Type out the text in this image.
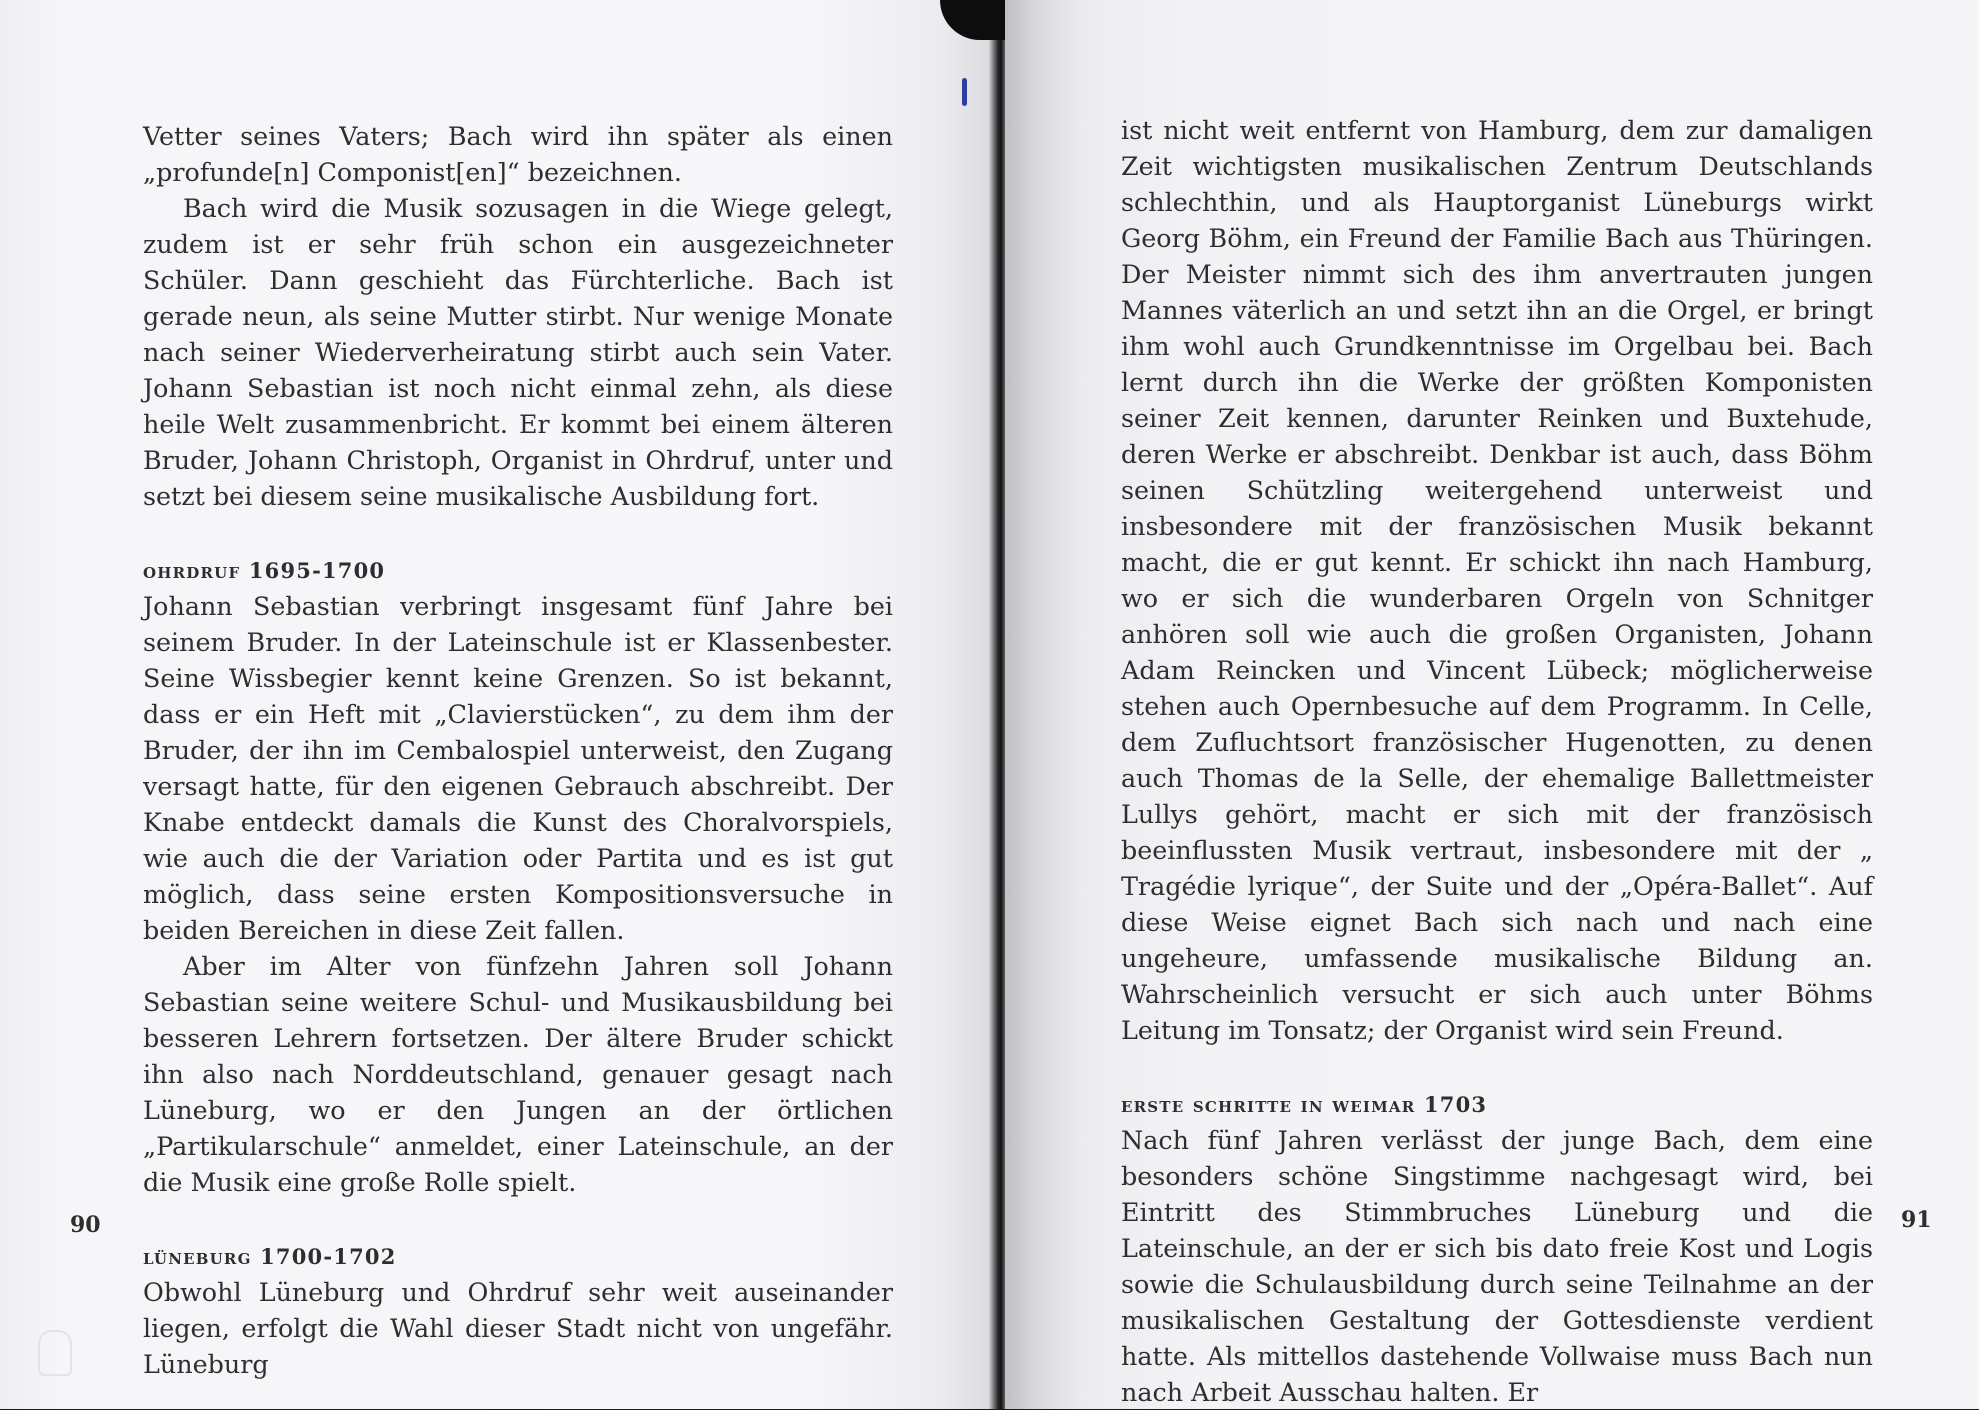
Vetter seines Vaters; Bach wird ihn später als einen „profunde[n] Componist[en]“ bezeichnen.

Bach wird die Musik sozusagen in die Wiege gelegt, zudem ist er sehr früh schon ein ausgezeichneter Schüler. Dann geschieht das Fürchterliche. Bach ist gerade neun, als seine Mutter stirbt. Nur wenige Monate nach seiner Wiederverheiratung stirbt auch sein Vater. Johann Sebastian ist noch nicht einmal zehn, als diese heile Welt zusammenbricht. Er kommt bei einem älteren Bruder, Johann Christoph, Organist in Ohrdruf, unter und setzt bei diesem seine musikalische Ausbildung fort.

ohrdruf 1695-1700

Johann Sebastian verbringt insgesamt fünf Jahre bei seinem Bruder. In der Lateinschule ist er Klassenbester. Seine Wissbegier kennt keine Grenzen. So ist bekannt, dass er ein Heft mit „Clavierstücken“, zu dem ihm der Bruder, der ihn im Cembalospiel unterweist, den Zugang versagt hatte, für den eigenen Gebrauch abschreibt. Der Knabe entdeckt damals die Kunst des Choralvorspiels, wie auch die der Variation oder Partita und es ist gut möglich, dass seine ersten Kompositionsversuche in beiden Bereichen in diese Zeit fallen.

Aber im Alter von fünfzehn Jahren soll Johann Sebastian seine weitere Schul- und Musikausbildung bei besseren Lehrern fortsetzen. Der ältere Bruder schickt ihn also nach Norddeutschland, genauer gesagt nach Lüneburg, wo er den Jungen an der örtlichen „Partikularschule“ anmeldet, einer Lateinschule, an der die Musik eine große Rolle spielt.

lüneburg 1700-1702

Obwohl Lüneburg und Ohrdruf sehr weit auseinander liegen, erfolgt die Wahl dieser Stadt nicht von ungefähr. Lüneburg

90

ist nicht weit entfernt von Hamburg, dem zur damaligen Zeit wichtigsten musikalischen Zentrum Deutschlands schlechthin, und als Hauptorganist Lüneburgs wirkt Georg Böhm, ein Freund der Familie Bach aus Thüringen. Der Meister nimmt sich des ihm anvertrauten jungen Mannes väterlich an und setzt ihn an die Orgel, er bringt ihm wohl auch Grundkenntnisse im Orgelbau bei. Bach lernt durch ihn die Werke der größten Komponisten seiner Zeit kennen, darunter Reinken und Buxtehude, deren Werke er abschreibt. Denkbar ist auch, dass Böhm seinen Schützling weitergehend unterweist und insbesondere mit der französischen Musik bekannt macht, die er gut kennt. Er schickt ihn nach Hamburg, wo er sich die wunderbaren Orgeln von Schnitger anhören soll wie auch die großen Organisten, Johann Adam Reincken und Vincent Lübeck; möglicherweise stehen auch Opernbesuche auf dem Programm. In Celle, dem Zufluchtsort französischer Hugenotten, zu denen auch Thomas de la Selle, der ehemalige Ballettmeister Lullys gehört, macht er sich mit der französisch beeinflussten Musik vertraut, insbesondere mit der „ Tragédie lyrique“, der Suite und der „Opéra-Ballet“. Auf diese Weise eignet Bach sich nach und nach eine ungeheure, umfassende musikalische Bildung an. Wahrscheinlich versucht er sich auch unter Böhms Leitung im Tonsatz; der Organist wird sein Freund.

erste schritte in weimar 1703

Nach fünf Jahren verlässt der junge Bach, dem eine besonders schöne Singstimme nachgesagt wird, bei Eintritt des Stimmbruches Lüneburg und die Lateinschule, an der er sich bis dato freie Kost und Logis sowie die Schulausbildung durch seine Teilnahme an der musikalischen Gestaltung der Gottesdienste verdient hatte. Als mittellos dastehende Vollwaise muss Bach nun nach Arbeit Ausschau halten. Er

91
